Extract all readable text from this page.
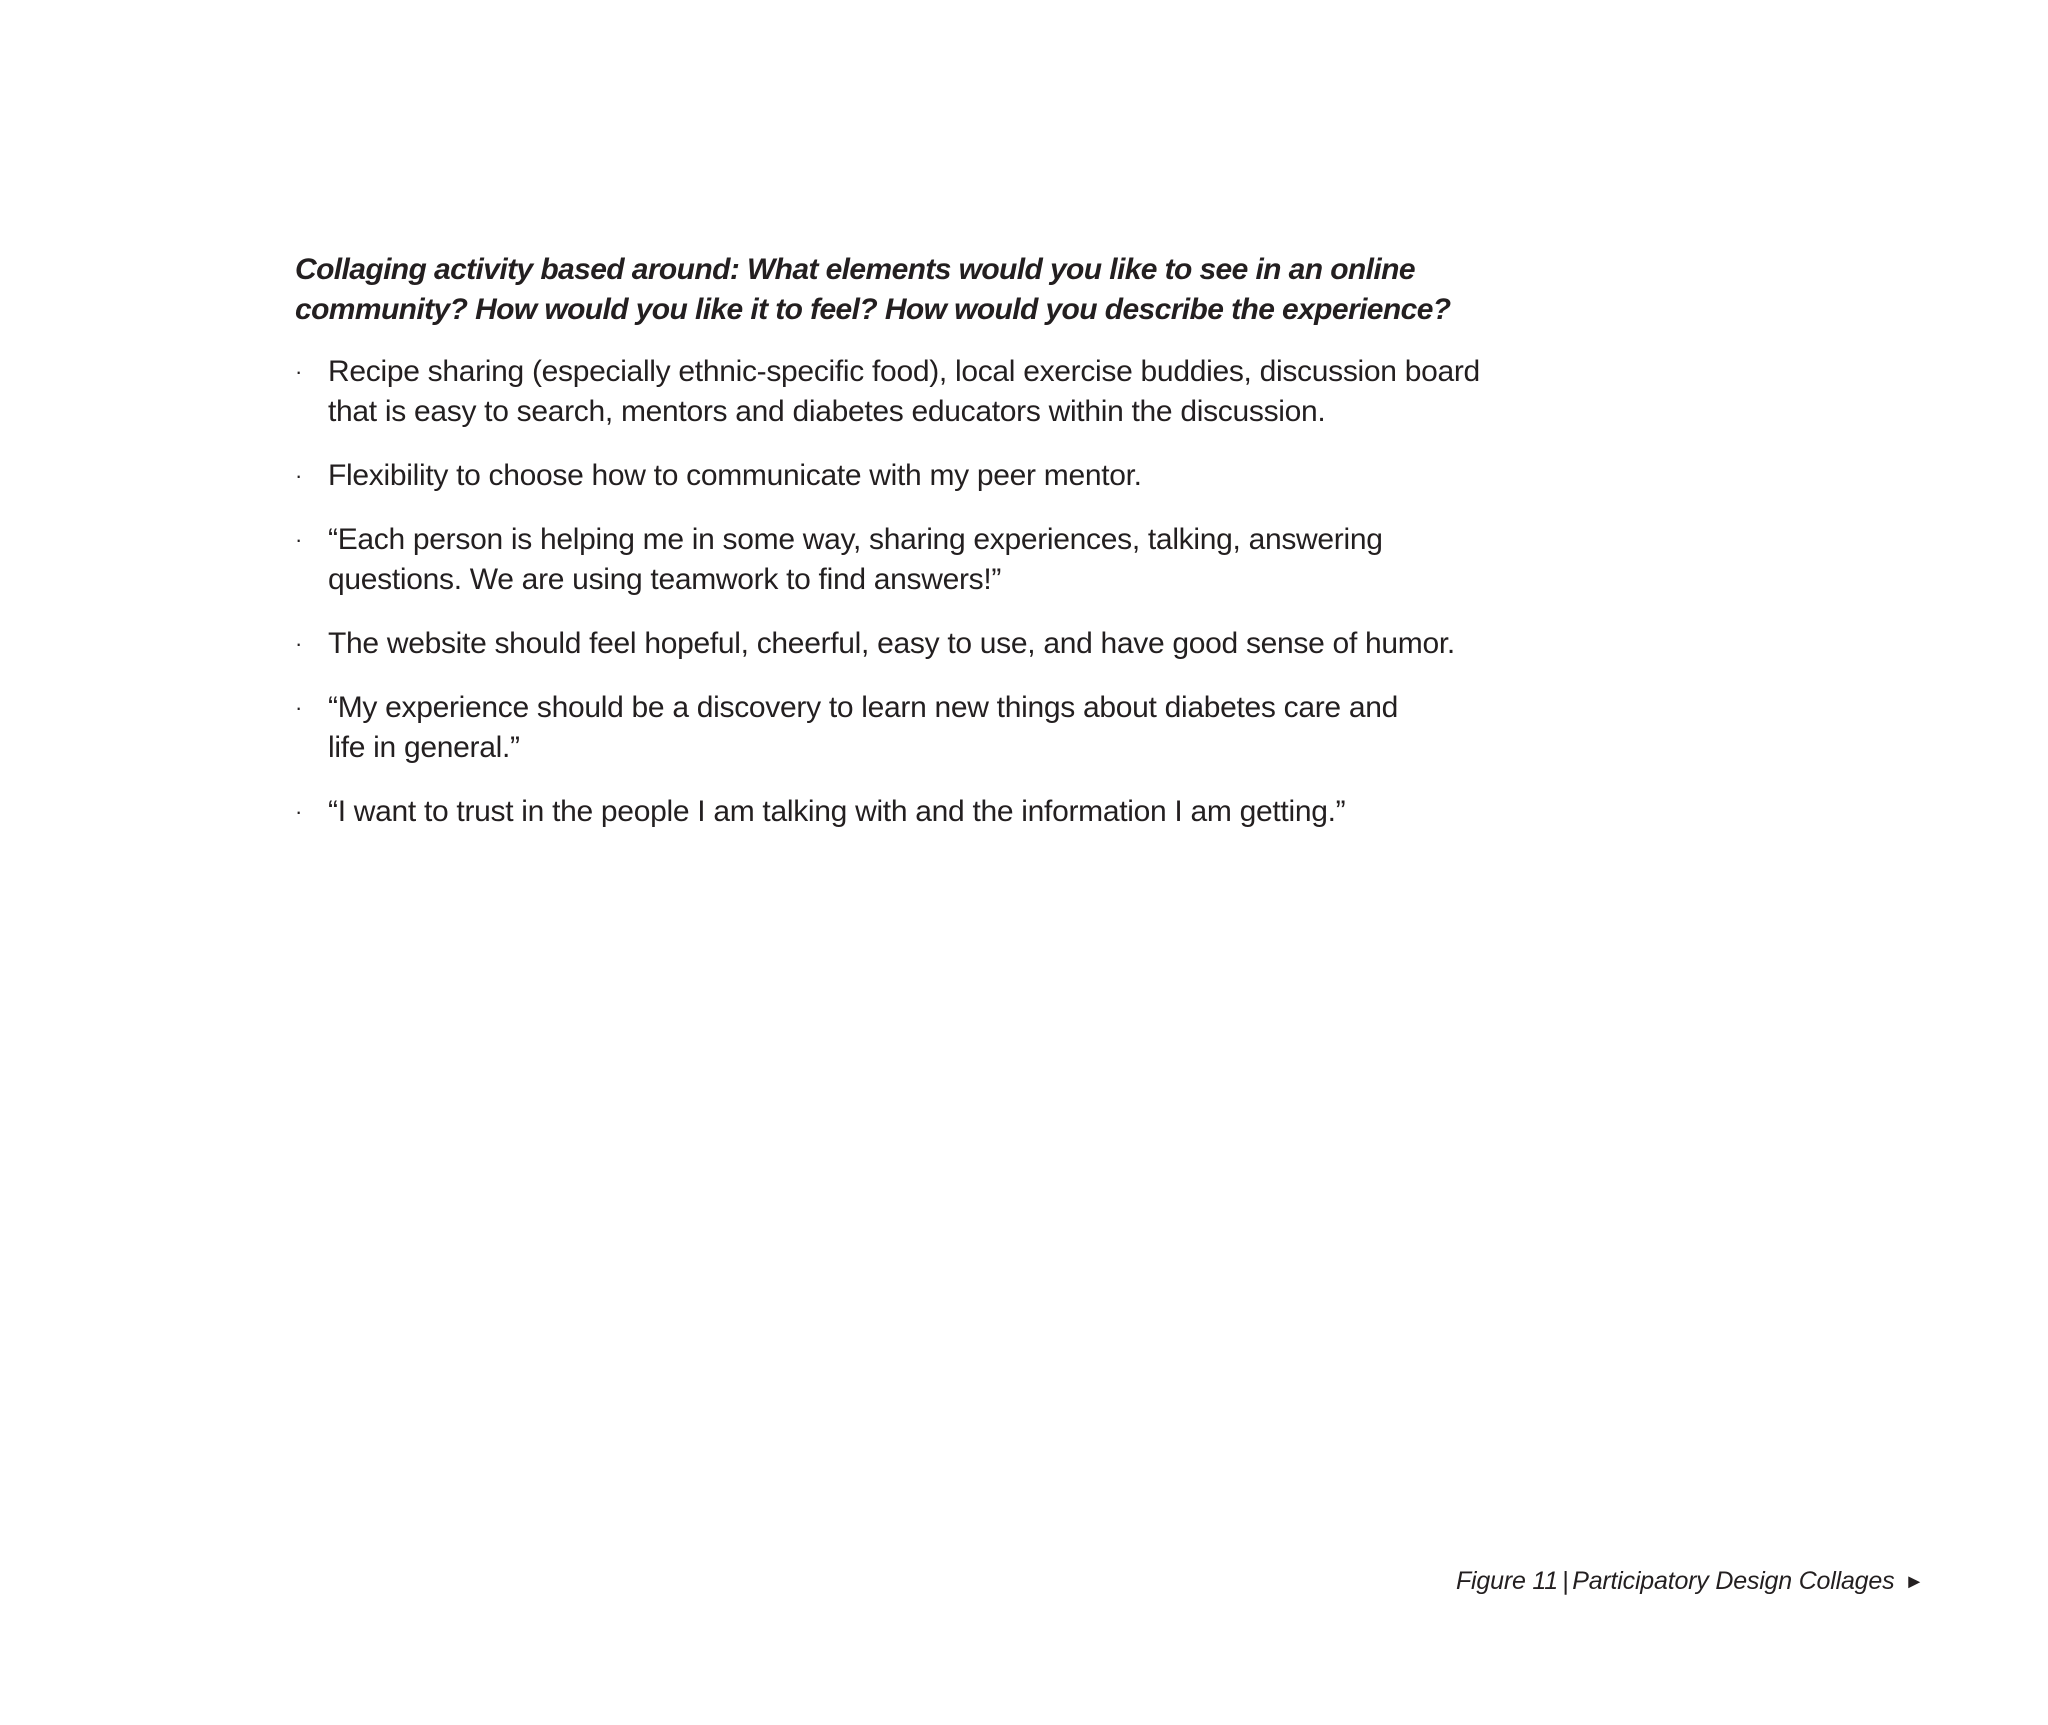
Collaging activity based around: What elements would you like to see in an online
community? How would you like it to feel? How would you describe the experience?

· Recipe sharing (especially ethnic-specific food), local exercise buddies, discussion board
that is easy to search, mentors and diabetes educators within the discussion.
· Flexibility to choose how to communicate with my peer mentor.
· “Each person is helping me in some way, sharing experiences, talking, answering
questions. We are using teamwork to find answers!”
· The website should feel hopeful, cheerful, easy to use, and have good sense of humor.
· “My experience should be a discovery to learn new things about diabetes care and
life in general.”
· “I want to trust in the people I am talking with and the information I am getting.”
Figure 11 | Participatory Design Collages ►
